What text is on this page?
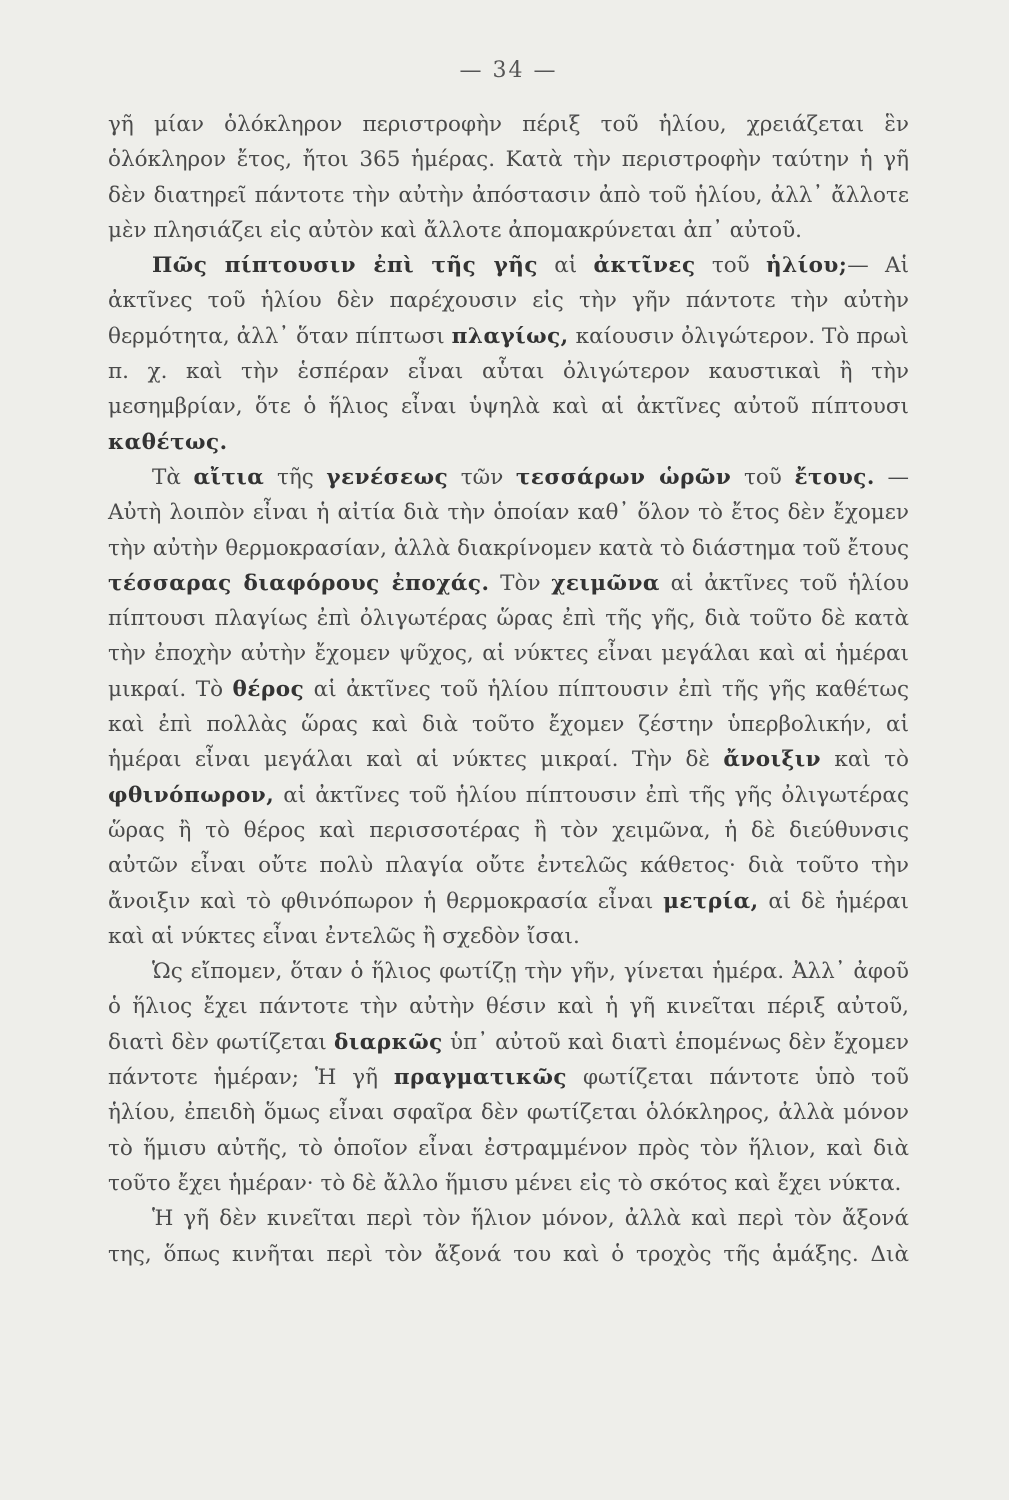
— 34 —

γῆ μίαν ὁλόκληρον περιστροφὴν πέριξ τοῦ ἡλίου, χρειάζεται ἓν ὁλόκληρον ἔτος, ἤτοι 365 ἡμέρας. Κατὰ τὴν περιστροφὴν ταύτην ἡ γῆ δὲν διατηρεῖ πάντοτε τὴν αὐτὴν ἀπόστασιν ἀπὸ τοῦ ἡλίου, ἀλλ᾽ ἄλλοτε μὲν πλησιάζει εἰς αὐτὸν καὶ ἄλλοτε ἀπομακρύνεται ἀπ᾽ αὐτοῦ.

Πῶς πίπτουσιν ἐπὶ τῆς γῆς αἱ ἀκτῖνες τοῦ ἡλίου;— Αἱ ἀκτῖνες τοῦ ἡλίου δὲν παρέχουσιν εἰς τὴν γῆν πάντοτε τὴν αὐτὴν θερμότητα, ἀλλ᾽ ὅταν πίπτωσι πλαγίως, καίουσιν ὀλιγώτερον. Τὸ πρωὶ π. χ. καὶ τὴν ἑσπέραν εἶναι αὗται ὀλιγώτερον καυστικαὶ ἢ τὴν μεσημβρίαν, ὅτε ὁ ἥλιος εἶναι ὑψηλὰ καὶ αἱ ἀκτῖνες αὐτοῦ πίπτουσι καθέτως.

Τὰ αἴτια τῆς γενέσεως τῶν τεσσάρων ὡρῶν τοῦ ἔτους. —Αὐτὴ λοιπὸν εἶναι ἡ αἰτία διὰ τὴν ὁποίαν καθ᾽ ὅλον τὸ ἔτος δὲν ἔχομεν τὴν αὐτὴν θερμοκρασίαν, ἀλλὰ διακρίνομεν κατὰ τὸ διάστημα τοῦ ἔτους τέσσαρας διαφόρους ἐποχάς. Τὸν χειμῶνα αἱ ἀκτῖνες τοῦ ἡλίου πίπτουσι πλαγίως ἐπὶ ὀλιγωτέρας ὥρας ἐπὶ τῆς γῆς, διὰ τοῦτο δὲ κατὰ τὴν ἐποχὴν αὐτὴν ἔχομεν ψῦχος, αἱ νύκτες εἶναι μεγάλαι καὶ αἱ ἡμέραι μικραί. Τὸ θέρος αἱ ἀκτῖνες τοῦ ἡλίου πίπτουσιν ἐπὶ τῆς γῆς καθέτως καὶ ἐπὶ πολλὰς ὥρας καὶ διὰ τοῦτο ἔχομεν ζέστην ὑπερβολικήν, αἱ ἡμέραι εἶναι μεγάλαι καὶ αἱ νύκτες μικραί. Τὴν δὲ ἄνοιξιν καὶ τὸ φθινόπωρον, αἱ ἀκτῖνες τοῦ ἡλίου πίπτουσιν ἐπὶ τῆς γῆς ὀλιγωτέρας ὥρας ἢ τὸ θέρος καὶ περισσοτέρας ἢ τὸν χειμῶνα, ἡ δὲ διεύθυνσις αὐτῶν εἶναι οὔτε πολὺ πλαγία οὔτε ἐντελῶς κάθετος· διὰ τοῦτο τὴν ἄνοιξιν καὶ τὸ φθινόπωρον ἡ θερμοκρασία εἶναι μετρία, αἱ δὲ ἡμέραι καὶ αἱ νύκτες εἶναι ἐντελῶς ἢ σχεδὸν ἴσαι.

Ὡς εἴπομεν, ὅταν ὁ ἥλιος φωτίζῃ τὴν γῆν, γίνεται ἡμέρα. Ἀλλ᾽ ἀφοῦ ὁ ἥλιος ἔχει πάντοτε τὴν αὐτὴν θέσιν καὶ ἡ γῆ κινεῖται πέριξ αὐτοῦ, διατὶ δὲν φωτίζεται διαρκῶς ὑπ᾽ αὐτοῦ καὶ διατὶ ἑπομένως δὲν ἔχομεν πάντοτε ἡμέραν; Ἡ γῆ πραγματικῶς φωτίζεται πάντοτε ὑπὸ τοῦ ἡλίου, ἐπειδὴ ὅμως εἶναι σφαῖρα δὲν φωτίζεται ὁλόκληρος, ἀλλὰ μόνον τὸ ἥμισυ αὐτῆς, τὸ ὁποῖον εἶναι ἐστραμμένον πρὸς τὸν ἥλιον, καὶ διὰ τοῦτο ἔχει ἡμέραν· τὸ δὲ ἄλλο ἥμισυ μένει εἰς τὸ σκότος καὶ ἔχει νύκτα.

Ἡ γῆ δὲν κινεῖται περὶ τὸν ἥλιον μόνον, ἀλλὰ καὶ περὶ τὸν ἄξονά της, ὅπως κινῆται περὶ τὸν ἄξονά του καὶ ὁ τροχὸς τῆς ἁμάξης. Διὰ
